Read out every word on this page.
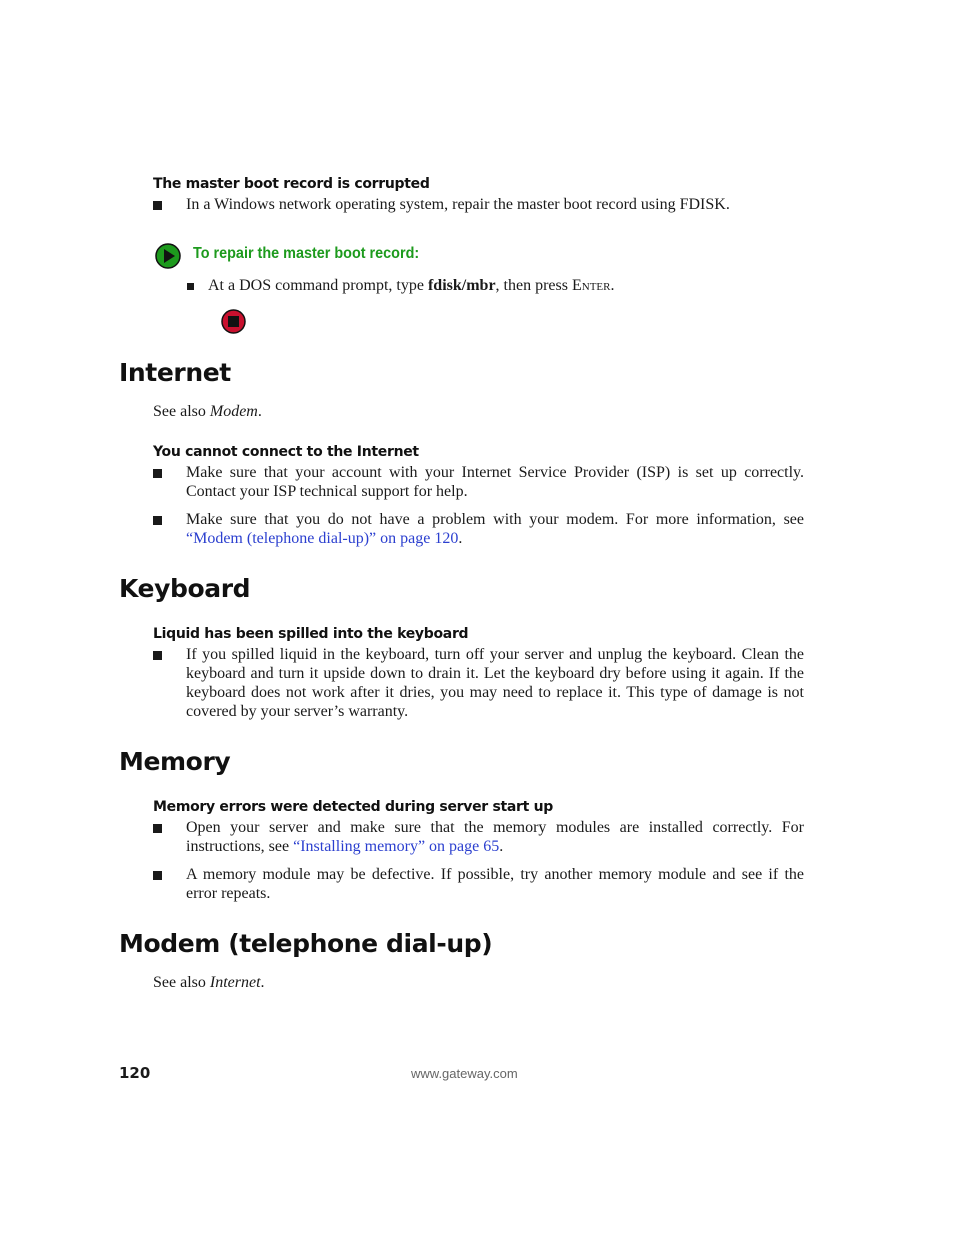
The master boot record is corrupted
In a Windows network operating system, repair the master boot record using FDISK.
To repair the master boot record:
At a DOS command prompt, type fdisk/mbr, then press Enter.
Internet
See also Modem.
You cannot connect to the Internet
Make sure that your account with your Internet Service Provider (ISP) is set up correctly. Contact your ISP technical support for help.
Make sure that you do not have a problem with your modem. For more information, see “Modem (telephone dial-up)” on page 120.
Keyboard
Liquid has been spilled into the keyboard
If you spilled liquid in the keyboard, turn off your server and unplug the keyboard. Clean the keyboard and turn it upside down to drain it. Let the keyboard dry before using it again. If the keyboard does not work after it dries, you may need to replace it. This type of damage is not covered by your server’s warranty.
Memory
Memory errors were detected during server start up
Open your server and make sure that the memory modules are installed correctly. For instructions, see “Installing memory” on page 65.
A memory module may be defective. If possible, try another memory module and see if the error repeats.
Modem (telephone dial-up)
See also Internet.
120	www.gateway.com
